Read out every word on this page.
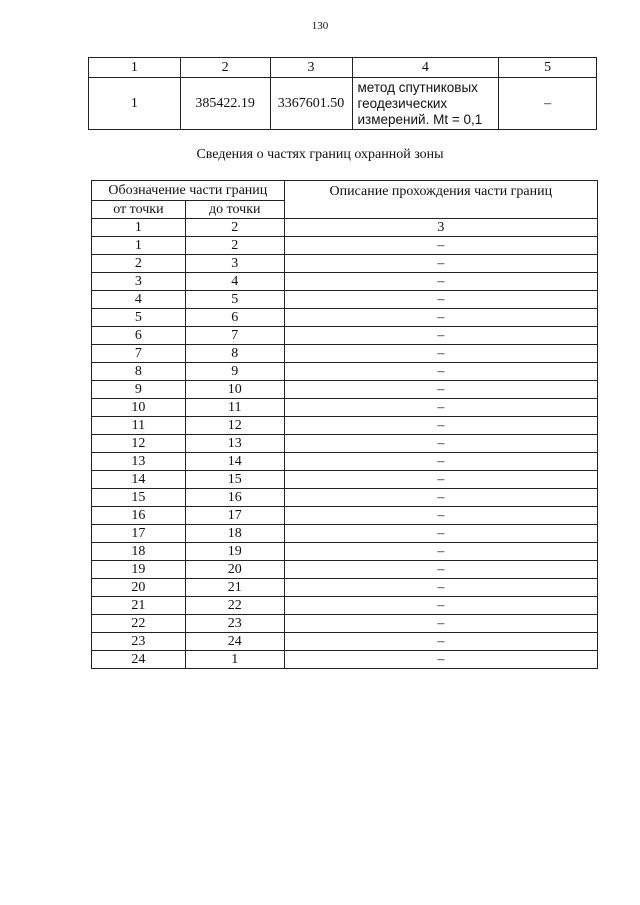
130
1	2	3	4	5
1	385422.19	3367601.50	метод спутниковых
геодезических
измерений. Mt = 0,1	–
Сведения о частях границ охранной зоны
Обозначение части границ		Описание прохождения части границ
от точки	до точки	
1	2	3
1	2	–
2	3	–
3	4	–
4	5	–
5	6	–
6	7	–
7	8	–
8	9	–
9	10	–
10	11	–
11	12	–
12	13	–
13	14	–
14	15	–
15	16	–
16	17	–
17	18	–
18	19	–
19	20	–
20	21	–
21	22	–
22	23	–
23	24	–
24	1	–
